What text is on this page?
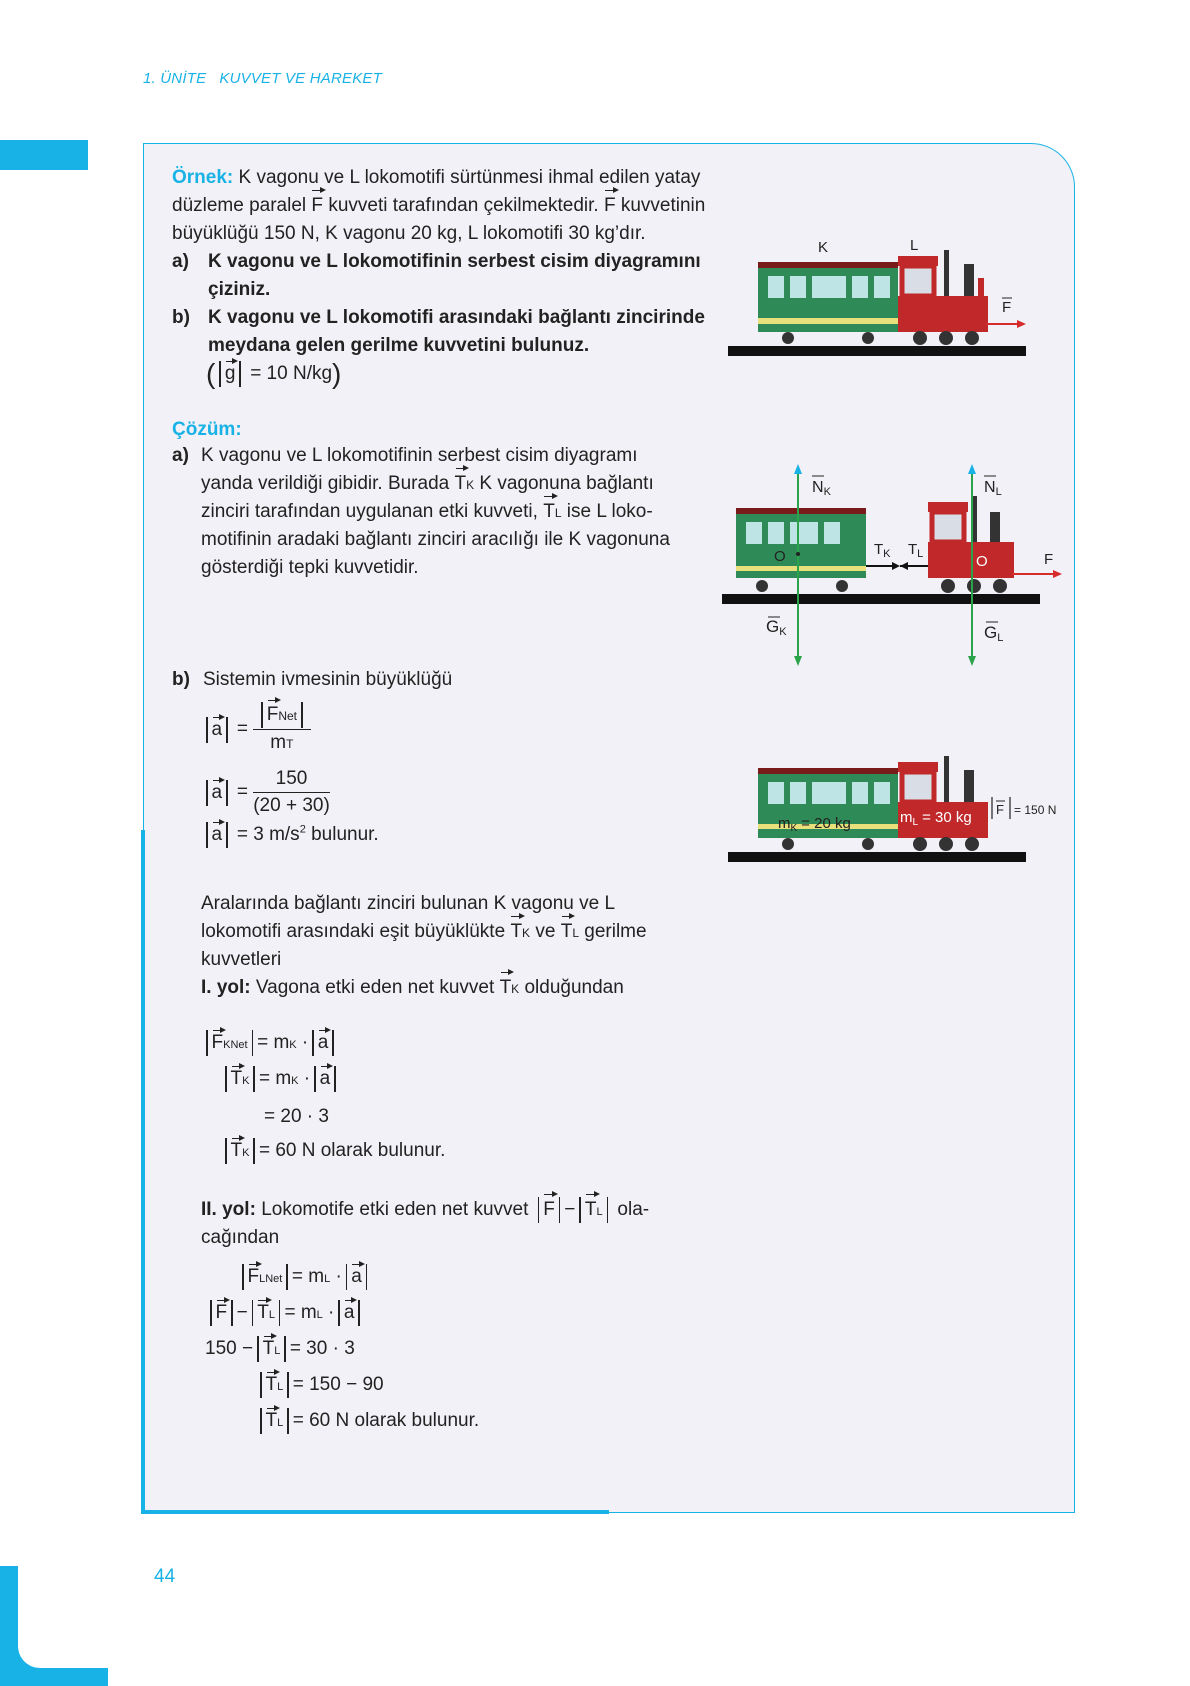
1. ÜNİTE KUVVET VE HAREKET
Örnek: K vagonu ve L lokomotifi sürtünmesi ihmal edilen yatay
düzleme paralel F kuvveti tarafından çekilmektedir. F kuvvetinin
büyüklüğü 150 N, K vagonu 20 kg, L lokomotifi 30 kg’dır.
a) K vagonu ve L lokomotifinin serbest cisim diyagramını
çiziniz.
b) K vagonu ve L lokomotifi arasındaki bağlantı zincirinde
meydana gelen gerilme kuvvetini bulunuz.
( g = 10 N/kg)
K	L
F
Çözüm:
a) K vagonu ve L lokomotifinin serbest cisim diyagramı
yanda verildiği gibidir. Burada TK K vagonuna bağlantı
zinciri tarafından uygulanan etki kuvveti, TL ise L loko-
motifinin aradaki bağlantı zinciri aracılığı ile K vagonuna
gösterdiği tepki kuvvetidir.
NK	NL
$T_K$ $T_L$
O	O	F
GK	GL
b) Sistemin ivmesinin büyüklüğü
$a = \frac{\text{FNet}}{mT}$
$a = \frac{150}{(20 + 30)}$
a = 3 $m/s^2$ bulunur.
$m_K = 20$ kg	$m_L = 30$ kg F = 150 N
Aralarında bağlantı zinciri bulunan K vagonu ve L
lokomotifi arasındaki eşit büyüklükte TK ve TL gerilme
kuvvetleri
I. yol: Vagona etki eden net kuvvet TK olduğundan
FKNet = mK · a
TK = mK · a
= 20 · 3
TK = 60 N olarak bulunur.
II. yol: Lokomotife etki eden net kuvvet F − TL ola-
cağından
FLNet = mL · a
F − TL = mL · a
150 − TL = 30 · 3
TL = 150 − 90
TL = 60 N olarak bulunur.
44
